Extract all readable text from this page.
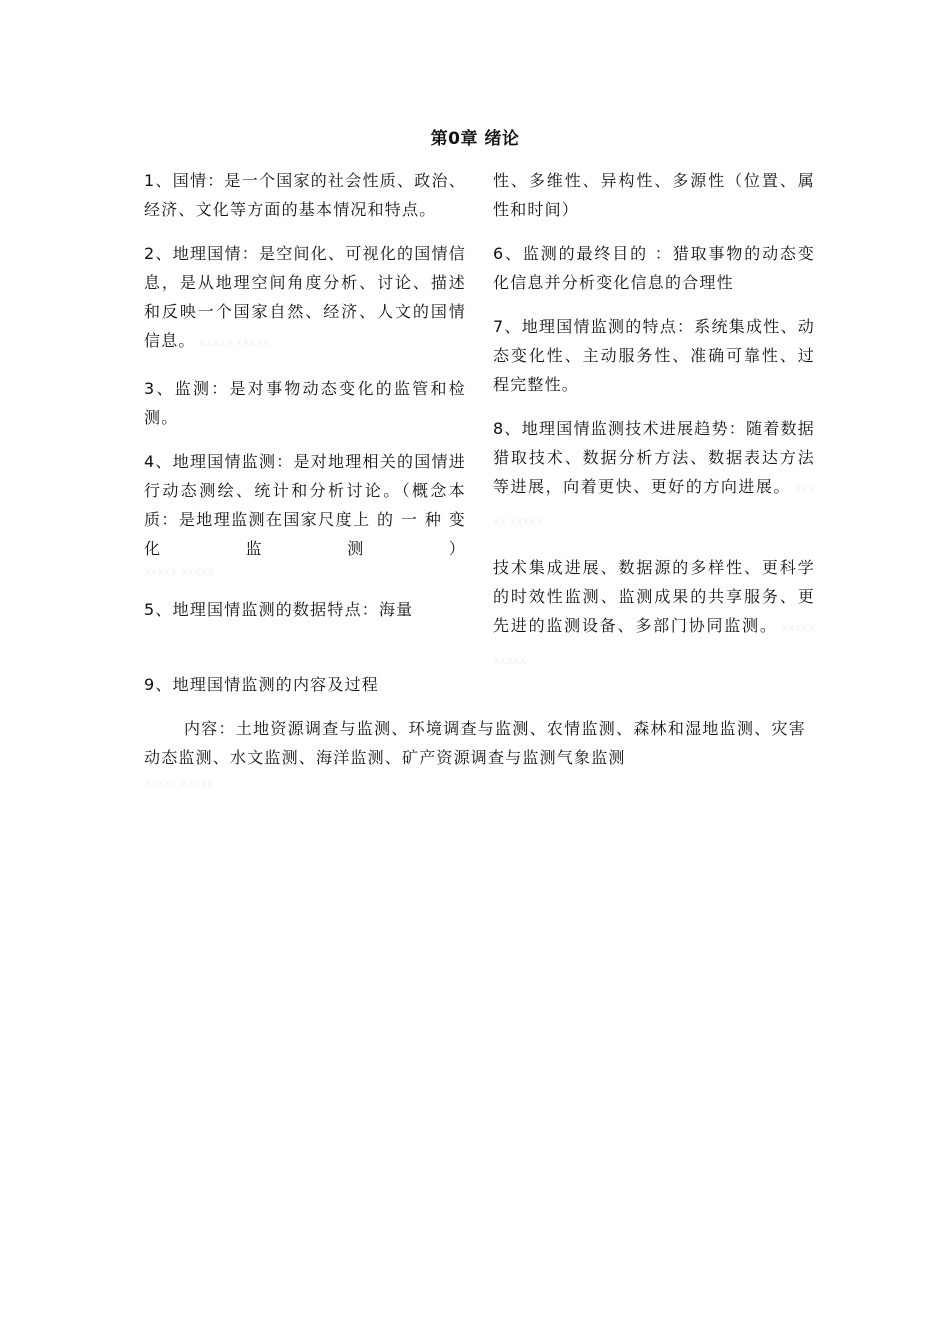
第0章 绪论

1、国情：是一个国家的社会性质、政治、经济、文化等方面的基本情况和特点。

2、地理国情：是空间化、可视化的国情信息，是从地理空间角度分析、讨论、描述和反映一个国家自然、经济、人文的国情信息。 XXXXX XXXXX

3、监测：是对事物动态变化的监管和检测。

4、地理国情监测：是对地理相关的国情进行动态测绘、统计和分析讨论。（概念本质：是地理监测在国家尺度上 的 一 种 变 化 监 测 ）

XXXXX XXXXX

5、地理国情监测的数据特点：海量

性、多维性、异构性、多源性（位置、属性和时间）

6、监测的最终目的 ：猎取事物的动态变化信息并分析变化信息的合理性

7、地理国情监测的特点：系统集成性、动态变化性、主动服务性、准确可靠性、过程完整性。

8、地理国情监测技术进展趋势：随着数据猎取技术、数据分析方法、数据表达方法等进展，向着更快、更好的方向进展。 XXXXX XXXXX

技术集成进展、数据源的多样性、更科学的时效性监测、监测成果的共享服务、更先进的监测设备、多部门协同监测。 XXXXX XXXXX

9、地理国情监测的内容及过程
内容：土地资源调查与监测、环境调查与监测、农情监测、森林和湿地监测、灾害动态监测、水文监测、海洋监测、矿产资源调查与监测气象监测
XXXXX XXXXX
